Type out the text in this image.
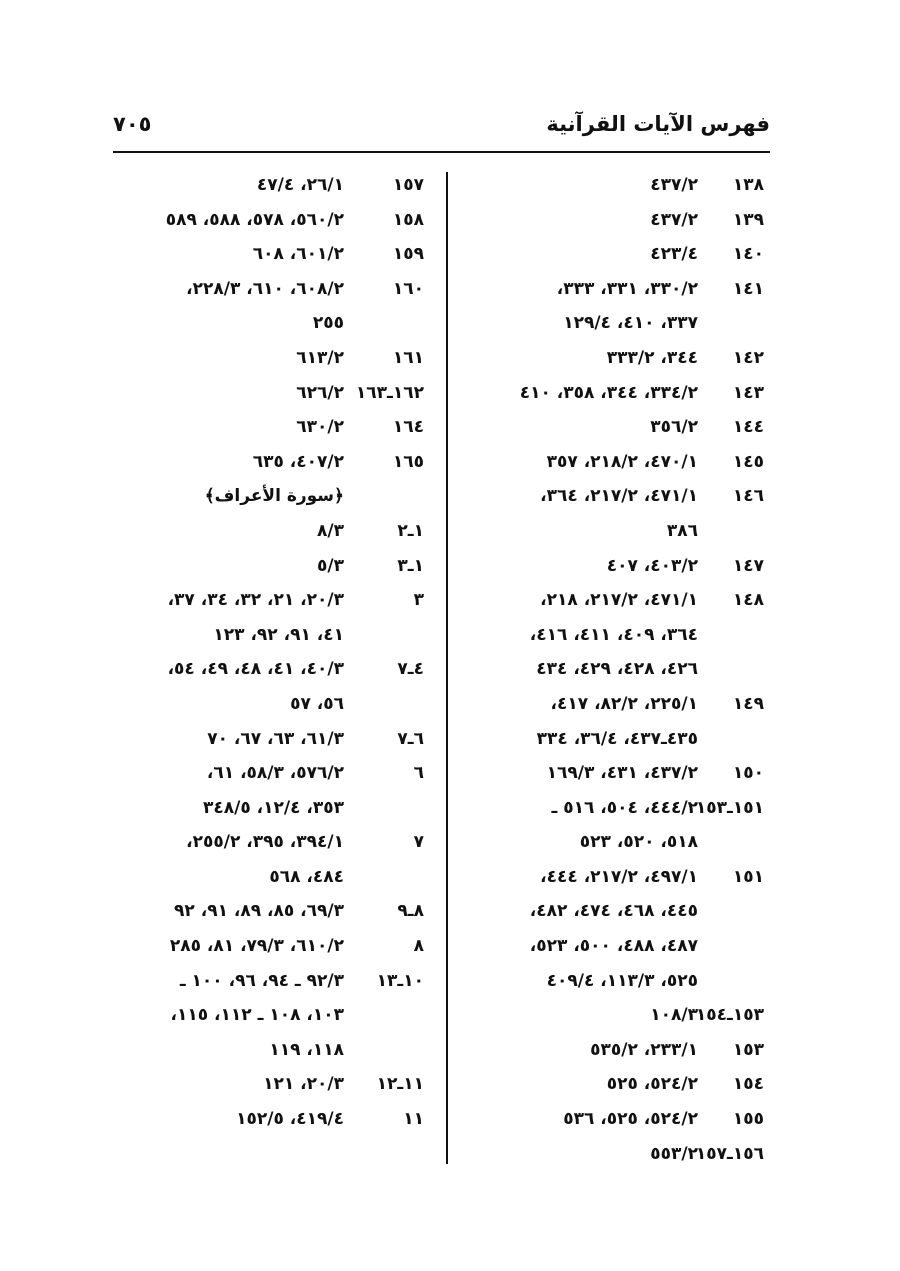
فهرس الآيات القرآنية
٧٠٥
١٣٨
٤٣٧/٢
١٣٩
٤٣٧/٢
١٤٠
٤٢٣/٤
١٤١
٣٣٠/٢، ٣٣١، ٣٣٣،
٣٣٧، ٤١٠، ١٢٩/٤
١٤٢
٣٤٤، ٣٣٣/٢
١٤٣
٣٣٤/٢، ٣٤٤، ٣٥٨، ٤١٠
١٤٤
٣٥٦/٢
١٤٥
٤٧٠/١، ٢١٨/٢، ٣٥٧
١٤٦
٤٧١/١، ٢١٧/٢، ٣٦٤،
٣٨٦
١٤٧
٤٠٣/٢، ٤٠٧
١٤٨
٤٧١/١، ٢١٧/٢، ٢١٨،
٣٦٤، ٤٠٩، ٤١١، ٤١٦،
٤٢٦، ٤٢٨، ٤٢٩، ٤٣٤
١٤٩
٢٢٥/١، ٨٢/٢، ٤١٧،
٤٣٥ـ٤٣٧، ٣٦/٤، ٣٣٤
١٥٠
٤٣٧/٢، ٤٣١، ١٦٩/٣
١٥١ـ١٥٣
٤٤٤/٢، ٥٠٤، ٥١٦ ـ
٥١٨، ٥٢٠، ٥٢٣
١٥١
٤٩٧/١، ٢١٧/٢، ٤٤٤،
٤٤٥، ٤٦٨، ٤٧٤، ٤٨٢،
٤٨٧، ٤٨٨، ٥٠٠، ٥٢٣،
٥٢٥، ١١٣/٣، ٤٠٩/٤
١٥٣ـ١٥٤
١٠٨/٣
١٥٣
٢٣٣/١، ٥٣٥/٢
١٥٤
٥٢٤/٢، ٥٢٥
١٥٥
٥٢٤/٢، ٥٢٥، ٥٣٦
١٥٦ـ١٥٧
٥٥٣/٢
١٥٧
٢٦/١، ٤٧/٤
١٥٨
٥٦٠/٢، ٥٧٨، ٥٨٨، ٥٨٩
١٥٩
٦٠١/٢، ٦٠٨
١٦٠
٦٠٨/٢، ٦١٠، ٢٢٨/٣،
٢٥٥
١٦١
٦١٣/٢
١٦٢ـ١٦٣
٦٢٦/٢
١٦٤
٦٣٠/٢
١٦٥
٤٠٧/٢، ٦٣٥
﴿سورة الأعراف﴾
١ـ٢
٨/٣
١ـ٣
٥/٣
٣
٢٠/٣، ٢١، ٣٢، ٣٤، ٣٧،
٤١، ٩١، ٩٢، ١٢٣
٤ـ٧
٤٠/٣، ٤١، ٤٨، ٤٩، ٥٤،
٥٦، ٥٧
٦ـ٧
٦١/٣، ٦٣، ٦٧، ٧٠
٦
٥٧٦/٢، ٥٨/٣، ٦١،
٣٥٣، ١٢/٤، ٣٤٨/٥
٧
٣٩٤/١، ٣٩٥، ٢٥٥/٢،
٤٨٤، ٥٦٨
٨ـ٩
٦٩/٣، ٨٥، ٨٩، ٩١، ٩٢
٨
٦١٠/٢، ٧٩/٣، ٨١، ٢٨٥
١٠ـ١٣
٩٢/٣ ـ ٩٤، ٩٦، ١٠٠ ـ
١٠٣، ١٠٨ ـ ١١٢، ١١٥،
١١٨، ١١٩
١١ـ١٢
٢٠/٣، ١٢١
١١
٤١٩/٤، ١٥٢/٥
